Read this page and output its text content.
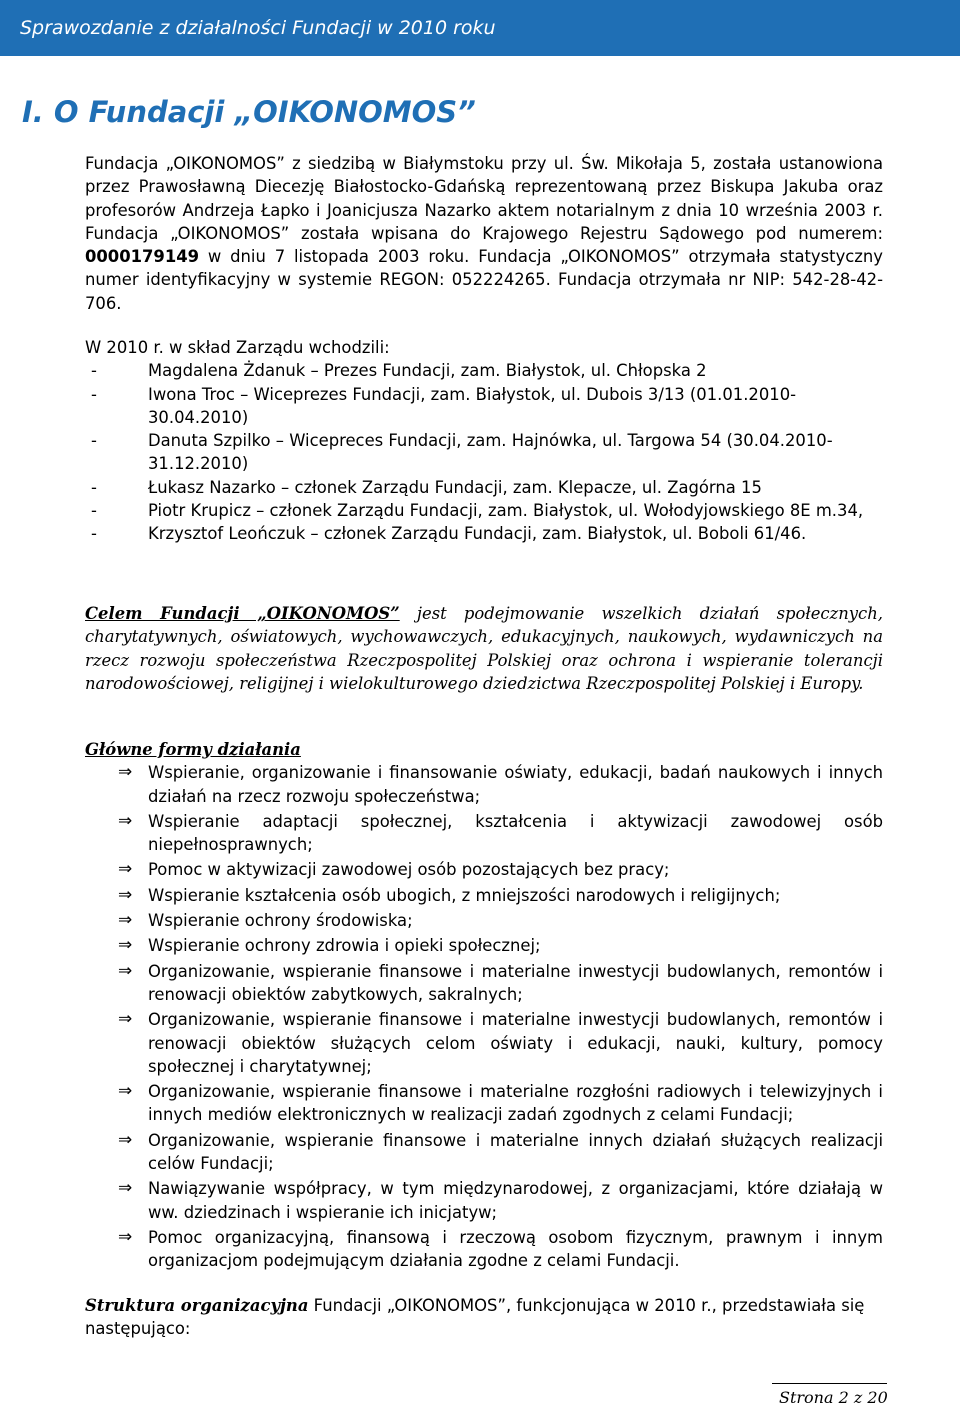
Sprawozdanie z działalności Fundacji w 2010 roku
I. O Fundacji „OIKONOMOS”

Fundacja „OIKONOMOS” z siedzibą w Białymstoku przy ul. Św. Mikołaja 5, została ustanowiona przez Prawosławną Diecezję Białostocko-Gdańską reprezentowaną przez Biskupa Jakuba oraz profesorów Andrzeja Łapko i Joanicjusza Nazarko aktem notarialnym z dnia 10 września 2003 r. Fundacja „OIKONOMOS” została wpisana do Krajowego Rejestru Sądowego pod numerem: 0000179149 w dniu 7 listopada 2003 roku. Fundacja „OIKONOMOS” otrzymała statystyczny numer identyfikacyjny w systemie REGON: 052224265. Fundacja otrzymała nr NIP: 542-28-42-706.

W 2010 r. w skład Zarządu wchodzili:
-	Magdalena Żdanuk – Prezes Fundacji, zam. Białystok, ul. Chłopska 2
-	Iwona Troc – Wiceprezes Fundacji, zam. Białystok, ul. Dubois 3/13 (01.01.2010-30.04.2010)
-	Danuta Szpilko – Wicepreces Fundacji, zam. Hajnówka, ul. Targowa 54 (30.04.2010-31.12.2010)
-	Łukasz Nazarko – członek Zarządu Fundacji, zam. Klepacze, ul. Zagórna 15
-	Piotr Krupicz – członek Zarządu Fundacji, zam. Białystok, ul. Wołodyjowskiego 8E m.34,
-	Krzysztof Leończuk – członek Zarządu Fundacji, zam. Białystok, ul. Boboli 61/46.

Celem Fundacji „OIKONOMOS” jest podejmowanie wszelkich działań społecznych, charytatywnych, oświatowych, wychowawczych, edukacyjnych, naukowych, wydawniczych na rzecz rozwoju społeczeństwa Rzeczpospolitej Polskiej oraz ochrona i wspieranie tolerancji narodowościowej, religijnej i wielokulturowego dziedzictwa Rzeczpospolitej Polskiej i Europy.

Główne formy działania
⇒ Wspieranie, organizowanie i finansowanie oświaty, edukacji, badań naukowych i innych działań na rzecz rozwoju społeczeństwa;
⇒ Wspieranie adaptacji społecznej, kształcenia i aktywizacji zawodowej osób niepełnosprawnych;
⇒ Pomoc w aktywizacji zawodowej osób pozostających bez pracy;
⇒ Wspieranie kształcenia osób ubogich, z mniejszości narodowych i religijnych;
⇒ Wspieranie ochrony środowiska;
⇒ Wspieranie ochrony zdrowia i opieki społecznej;
⇒ Organizowanie, wspieranie finansowe i materialne inwestycji budowlanych, remontów i renowacji obiektów zabytkowych, sakralnych;
⇒ Organizowanie, wspieranie finansowe i materialne inwestycji budowlanych, remontów i renowacji obiektów służących celom oświaty i edukacji, nauki, kultury, pomocy społecznej i charytatywnej;
⇒ Organizowanie, wspieranie finansowe i materialne rozgłośni radiowych i telewizyjnych i innych mediów elektronicznych w realizacji zadań zgodnych z celami Fundacji;
⇒ Organizowanie, wspieranie finansowe i materialne innych działań służących realizacji celów Fundacji;
⇒ Nawiązywanie współpracy, w tym międzynarodowej, z organizacjami, które działają w ww. dziedzinach i wspieranie ich inicjatyw;
⇒ Pomoc organizacyjną, finansową i rzeczową osobom fizycznym, prawnym i innym organizacjom podejmującym działania zgodne z celami Fundacji.

Struktura organizacyjna Fundacji „OIKONOMOS”, funkcjonująca w 2010 r., przedstawiała się następująco:

Strona 2 z 20
